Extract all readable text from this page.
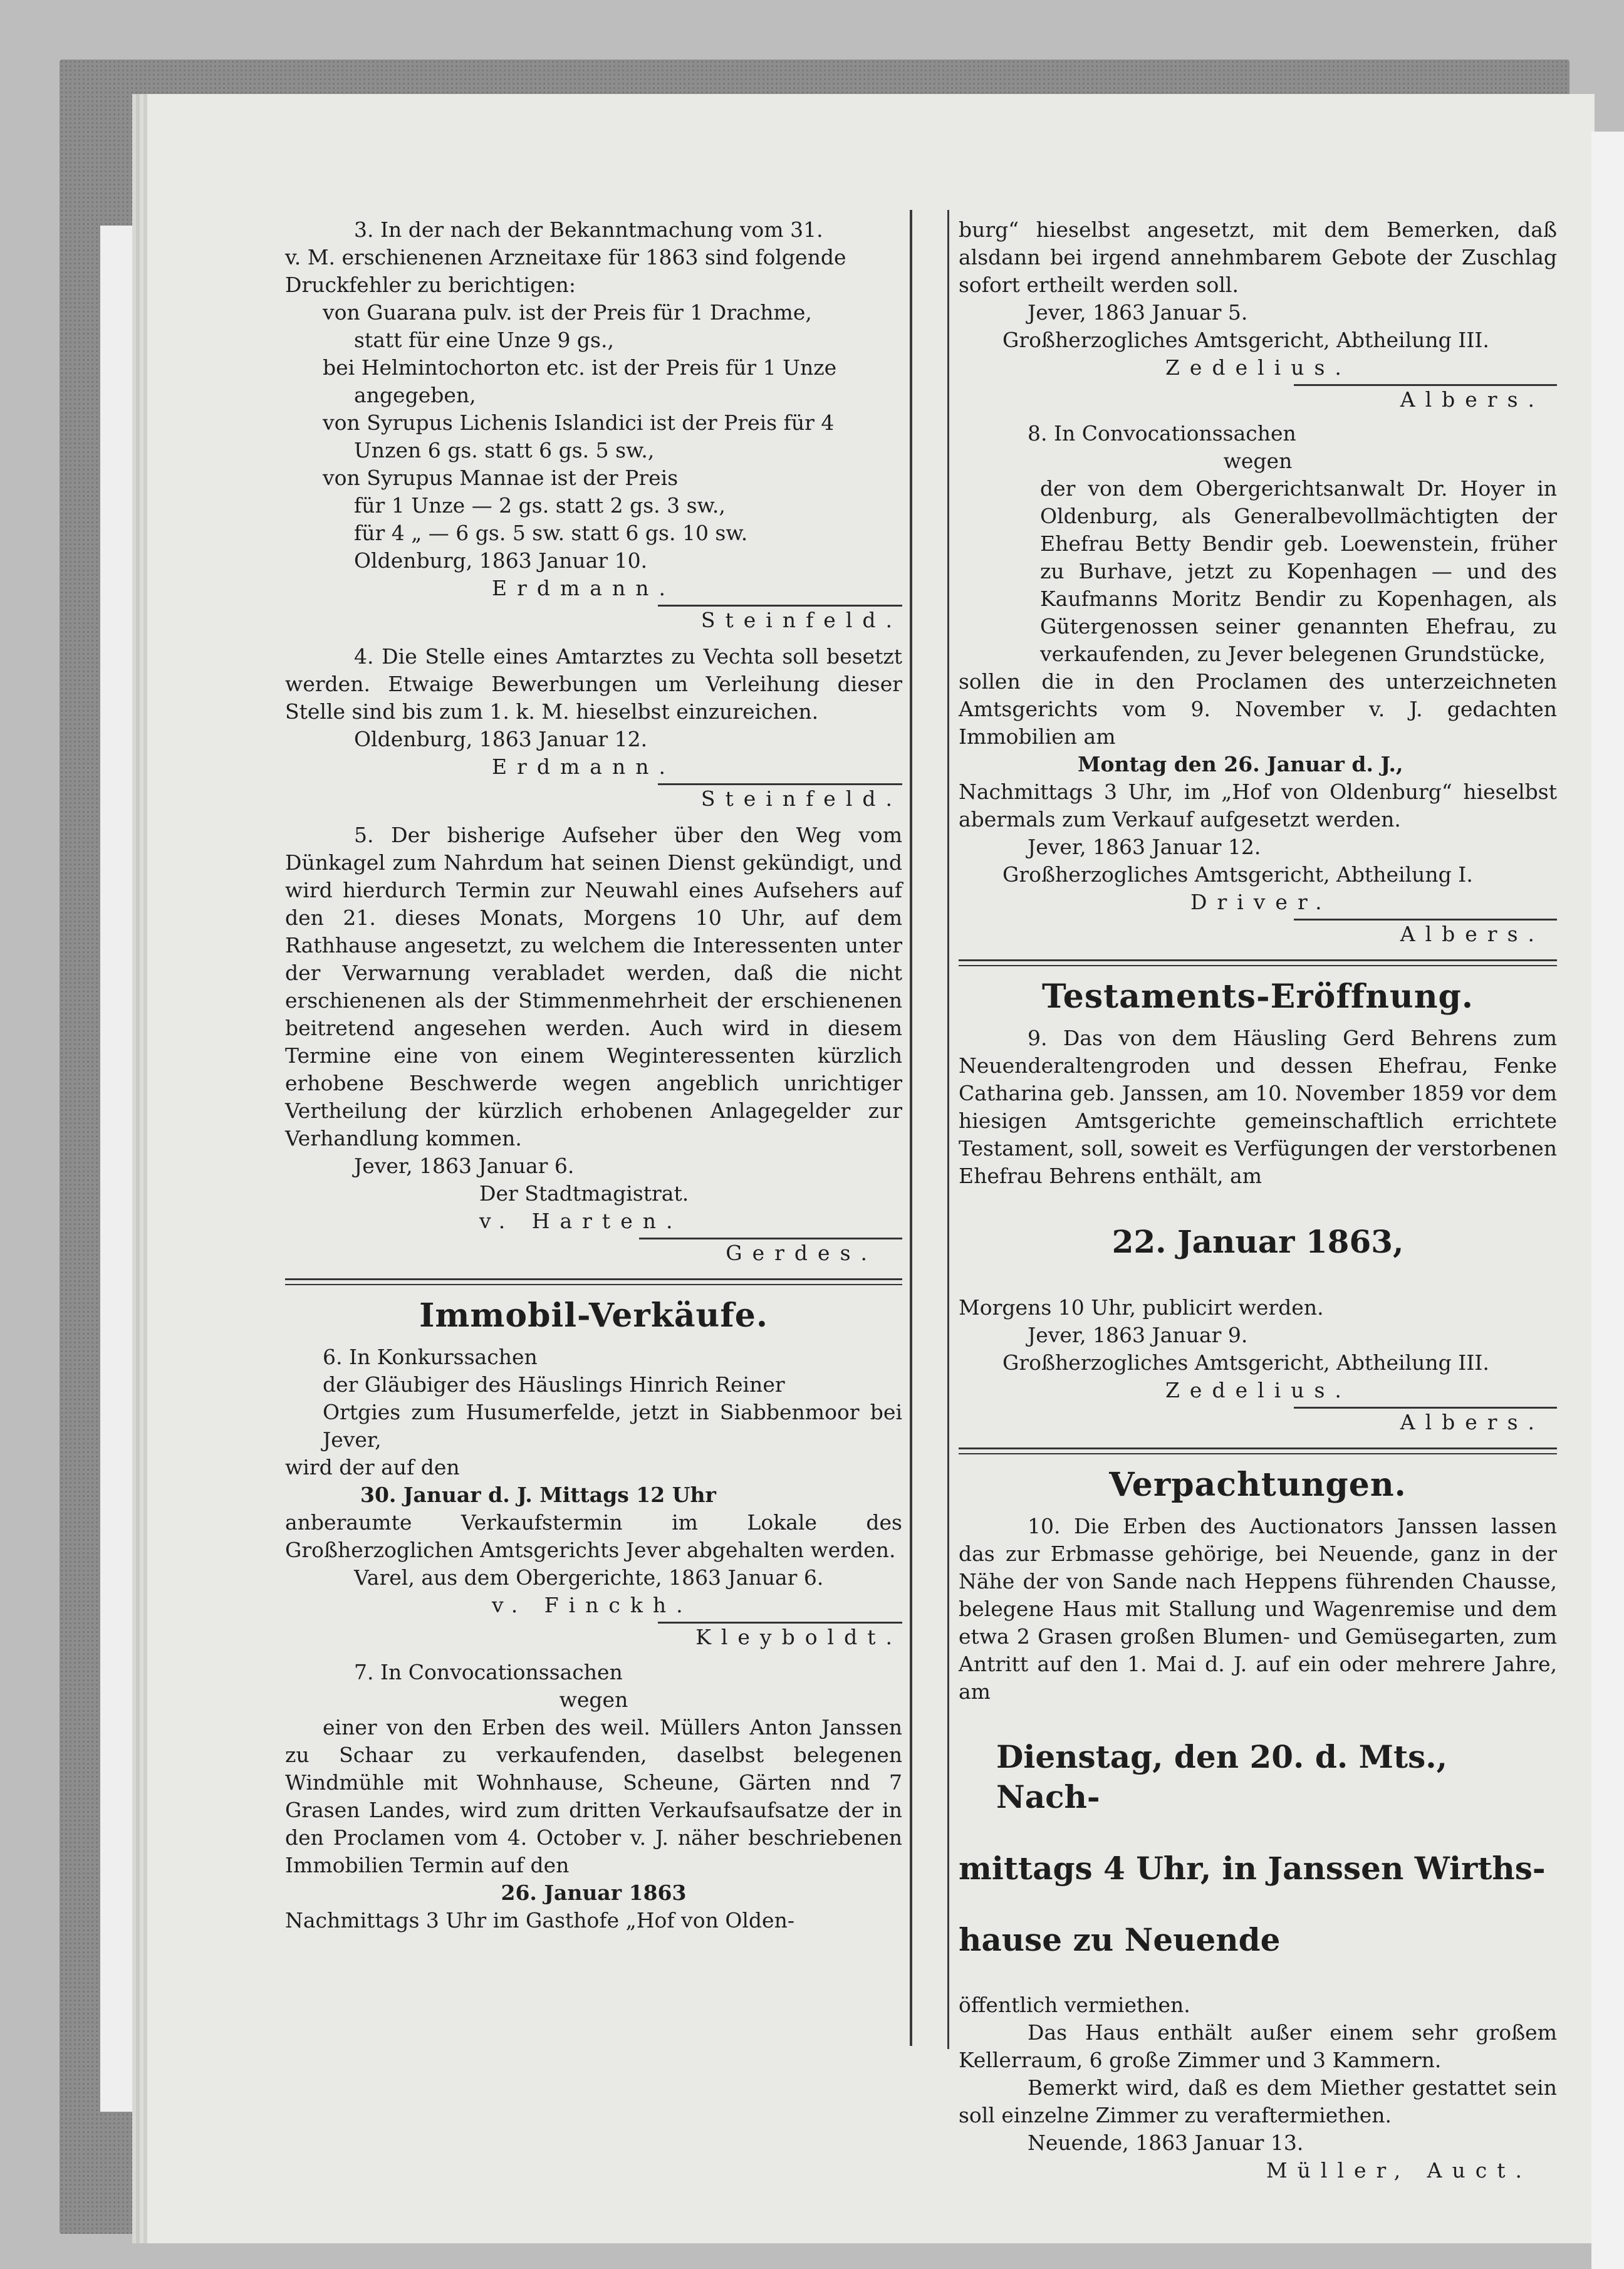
3. In der nach der Bekanntmachung vom 31.

v. M. erschienenen Arzneitaxe für 1863 sind folgende

Druckfehler zu berichtigen:

von Guarana pulv. ist der Preis für 1 Drachme,

statt für eine Unze 9 gs.,

bei Helmintochorton etc. ist der Preis für 1 Unze

angegeben,

von Syrupus Lichenis Islandici ist der Preis für 4

Unzen 6 gs. statt 6 gs. 5 sw.,

von Syrupus Mannae ist der Preis

für 1 Unze — 2 gs. statt 2 gs. 3 sw.,

für 4 „ — 6 gs. 5 sw. statt 6 gs. 10 sw.

Oldenburg, 1863 Januar 10.

Erdmann.

Steinfeld.

4. Die Stelle eines Amtarztes zu Vechta soll besetzt werden. Etwaige Bewerbungen um Verleihung dieser Stelle sind bis zum 1. k. M. hieselbst einzureichen.

Oldenburg, 1863 Januar 12.

Erdmann.

Steinfeld.

5. Der bisherige Aufseher über den Weg vom Dünkagel zum Nahrdum hat seinen Dienst gekündigt, und wird hierdurch Termin zur Neuwahl eines Aufsehers auf den 21. dieses Monats, Morgens 10 Uhr, auf dem Rathhause angesetzt, zu welchem die Interessenten unter der Verwarnung verabladet werden, daß die nicht erschienenen als der Stimmenmehrheit der erschienenen beitretend angesehen werden. Auch wird in diesem Termine eine von einem Weginteressenten kürzlich erhobene Beschwerde wegen angeblich unrichtiger Vertheilung der kürzlich erhobenen Anlagegelder zur Verhandlung kommen.

Jever, 1863 Januar 6.

Der Stadtmagistrat.

v. Harten.

Gerdes.

Immobil-Verkäufe.

6. In Konkurssachen

der Gläubiger des Häuslings Hinrich Reiner

Ortgies zum Husumerfelde, jetzt in Siabbenmoor bei Jever,

wird der auf den

30. Januar d. J. Mittags 12 Uhr

anberaumte Verkaufstermin im Lokale des Großherzoglichen Amtsgerichts Jever abgehalten werden.

Varel, aus dem Obergerichte, 1863 Januar 6.

v. Finckh.

Kleyboldt.

7. In Convocationssachen

wegen

einer von den Erben des weil. Müllers Anton Janssen zu Schaar zu verkaufenden, daselbst belegenen Windmühle mit Wohnhause, Scheune, Gärten nnd 7 Grasen Landes, wird zum dritten Verkaufsaufsatze der in den Proclamen vom 4. October v. J. näher beschriebenen Immobilien Termin auf den

26. Januar 1863

Nachmittags 3 Uhr im Gasthofe „Hof von Olden-

burg“ hieselbst angesetzt, mit dem Bemerken, daß alsdann bei irgend annehmbarem Gebote der Zuschlag sofort ertheilt werden soll.

Jever, 1863 Januar 5.

Großherzogliches Amtsgericht, Abtheilung III.

Zedelius.

Albers.

8. In Convocationssachen

wegen

der von dem Obergerichtsanwalt Dr. Hoyer in Oldenburg, als Generalbevollmächtigten der Ehefrau Betty Bendir geb. Loewenstein, früher zu Burhave, jetzt zu Kopenhagen — und des Kaufmanns Moritz Bendir zu Kopenhagen, als Gütergenossen seiner genannten Ehefrau, zu verkaufenden, zu Jever belegenen Grundstücke,

sollen die in den Proclamen des unterzeichneten Amtsgerichts vom 9. November v. J. gedachten Immobilien am

Montag den 26. Januar d. J.,

Nachmittags 3 Uhr, im „Hof von Oldenburg“ hieselbst abermals zum Verkauf aufgesetzt werden.

Jever, 1863 Januar 12.

Großherzogliches Amtsgericht, Abtheilung I.

Driver.

Albers.

Testaments-Eröffnung.

9. Das von dem Häusling Gerd Behrens zum Neuenderaltengroden und dessen Ehefrau, Fenke Catharina geb. Janssen, am 10. November 1859 vor dem hiesigen Amtsgerichte gemeinschaftlich errichtete Testament, soll, soweit es Verfügungen der verstorbenen Ehefrau Behrens enthält, am

22. Januar 1863,

Morgens 10 Uhr, publicirt werden.

Jever, 1863 Januar 9.

Großherzogliches Amtsgericht, Abtheilung III.

Zedelius.

Albers.

Verpachtungen.

10. Die Erben des Auctionators Janssen lassen das zur Erbmasse gehörige, bei Neuende, ganz in der Nähe der von Sande nach Heppens führenden Chausse, belegene Haus mit Stallung und Wagenremise und dem etwa 2 Grasen großen Blumen- und Gemüsegarten, zum Antritt auf den 1. Mai d. J. auf ein oder mehrere Jahre, am

Dienstag, den 20. d. Mts., Nach-

mittags 4 Uhr, in Janssen Wirths-

hause zu Neuende

öffentlich vermiethen.

Das Haus enthält außer einem sehr großem Kellerraum, 6 große Zimmer und 3 Kammern.

Bemerkt wird, daß es dem Miether gestattet sein soll einzelne Zimmer zu veraftermiethen.

Neuende, 1863 Januar 13.

Müller, Auct.
